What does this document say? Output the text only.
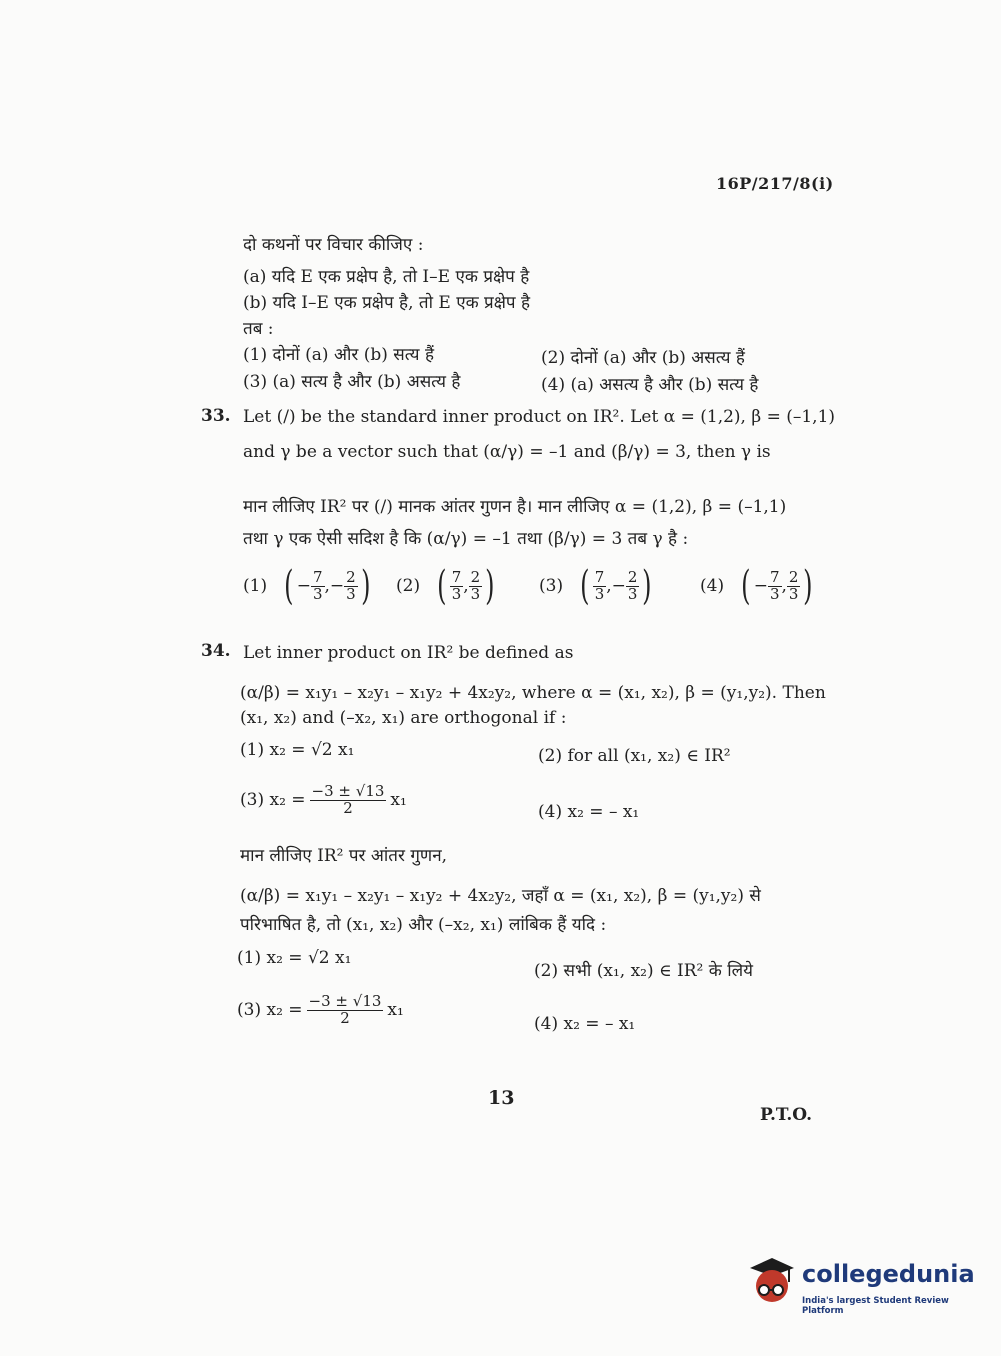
16P/217/8(i)
दो कथनों पर विचार कीजिए :
(a) यदि E एक प्रक्षेप है, तो I–E एक प्रक्षेप है
(b) यदि I–E एक प्रक्षेप है, तो E एक प्रक्षेप है
तब :
(1) दोनों (a) और (b) सत्य हैं	(2) दोनों (a) और (b) असत्य हैं
(3) (a) सत्य है और (b) असत्य है	(4) (a) असत्य है और (b) सत्य है
33. Let (/) be the standard inner product on IR². Let α = (1,2), β = (–1,1)
and γ be a vector such that (α/γ) = –1 and (β/γ) = 3, then γ is
मान लीजिए IR² पर (/) मानक आंतर गुणन है। मान लीजिए α = (1,2), β = (–1,1)
तथा γ एक ऐसी सदिश है कि (α/γ) = –1 तथा (β/γ) = 3 तब γ है :
(1) ( − $\frac{7}{3}$ , − $\frac{2}{3}$ ) (2) ( $\frac{7}{3}$ , $\frac{2}{3}$ )	(3) ( $\frac{7}{3}$ , − $\frac{2}{3}$ )	(4) ( − $\frac{7}{3}$ , $\frac{2}{3}$ )
34. Let inner product on IR² be defined as
(α/β) = x₁y₁ – x₂y₁ – x₁y₂ + 4x₂y₂, where α = (x₁, x₂), β = (y₁,y₂). Then
(x₁, x₂) and (–x₂, x₁) are orthogonal if :
(1) x₂ = √2 x₁	(2) for all (x₁, x₂) ∈ IR²
(3) $x_2 = \frac{-3 \pm √13}{2} x_1$
(4) x₂ = – x₁
मान लीजिए IR² पर आंतर गुणन,
(α/β) = x₁y₁ – x₂y₁ – x₁y₂ + 4x₂y₂, जहाँ α = (x₁, x₂), β = (y₁,y₂) से
परिभाषित है, तो (x₁, x₂) और (–x₂, x₁) लांबिक हैं यदि :
(1) x₂ = √2 x₁
(2) सभी (x₁, x₂) ∈ IR² के लिये
(3) $x_2 = \frac{-3 \pm √13}{2} x_1$
(4) x₂ = – x₁
13
P.T.O.
collegedunia
India's largest Student Review Platform
